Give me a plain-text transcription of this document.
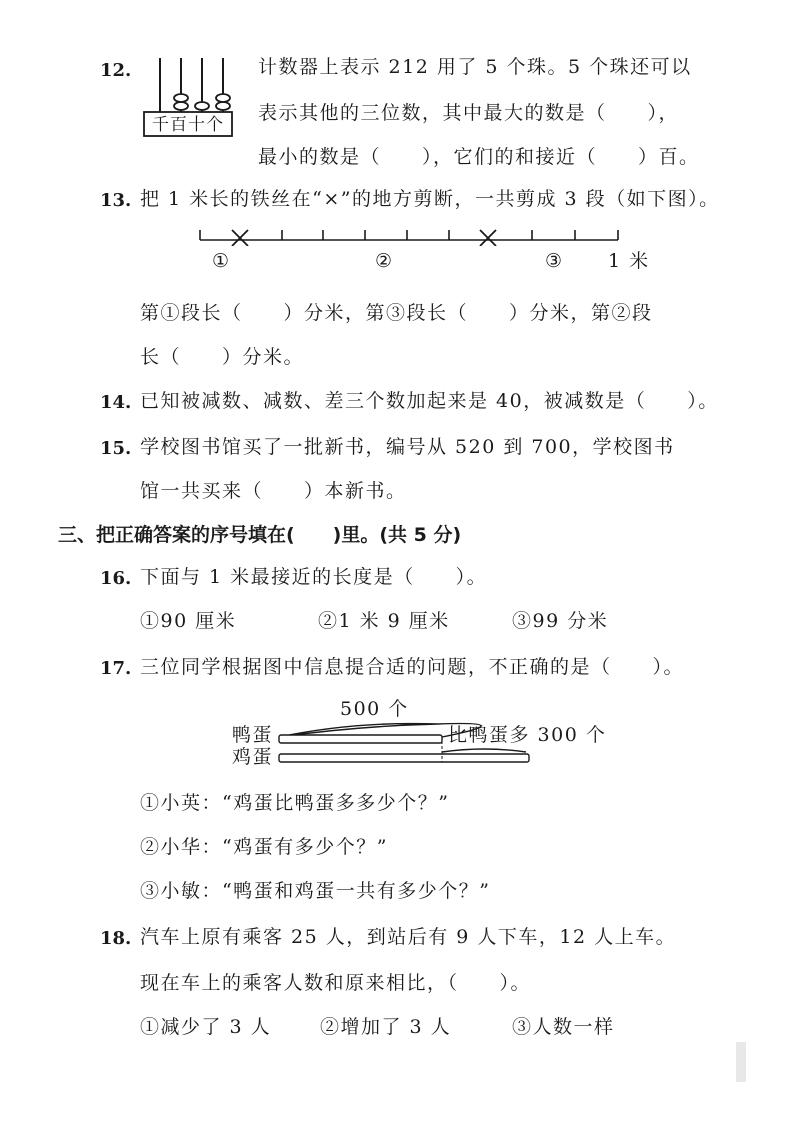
12.
千百十个
计数器上表示 212 用了 5 个珠。5 个珠还可以
表示其他的三位数，其中最大的数是（　　），
最小的数是（　　），它们的和接近（　　）百。
13. 把 1 米长的铁丝在“×”的地方剪断，一共剪成 3 段（如下图）。
①	②	③ 1 米
第①段长（　　）分米，第③段长（　　）分米，第②段
长（　　）分米。
14. 已知被减数、减数、差三个数加起来是 40，被减数是（　　）。
15. 学校图书馆买了一批新书，编号从 520 到 700，学校图书
馆一共买来（　　）本新书。
三、把正确答案的序号填在(　　)里。(共 5 分)
16. 下面与 1 米最接近的长度是（　　）。
①90 厘米	②1 米 9 厘米	③99 分米
17. 三位同学根据图中信息提合适的问题，不正确的是（　　）。
500 个
鸭蛋
鸡蛋
比鸭蛋多 300 个
①小英：“鸡蛋比鸭蛋多多少个？”
②小华：“鸡蛋有多少个？”
③小敏：“鸭蛋和鸡蛋一共有多少个？”
18. 汽车上原有乘客 25 人，到站后有 9 人下车，12 人上车。
现在车上的乘客人数和原来相比，（　　）。
①减少了 3 人	②增加了 3 人	③人数一样
